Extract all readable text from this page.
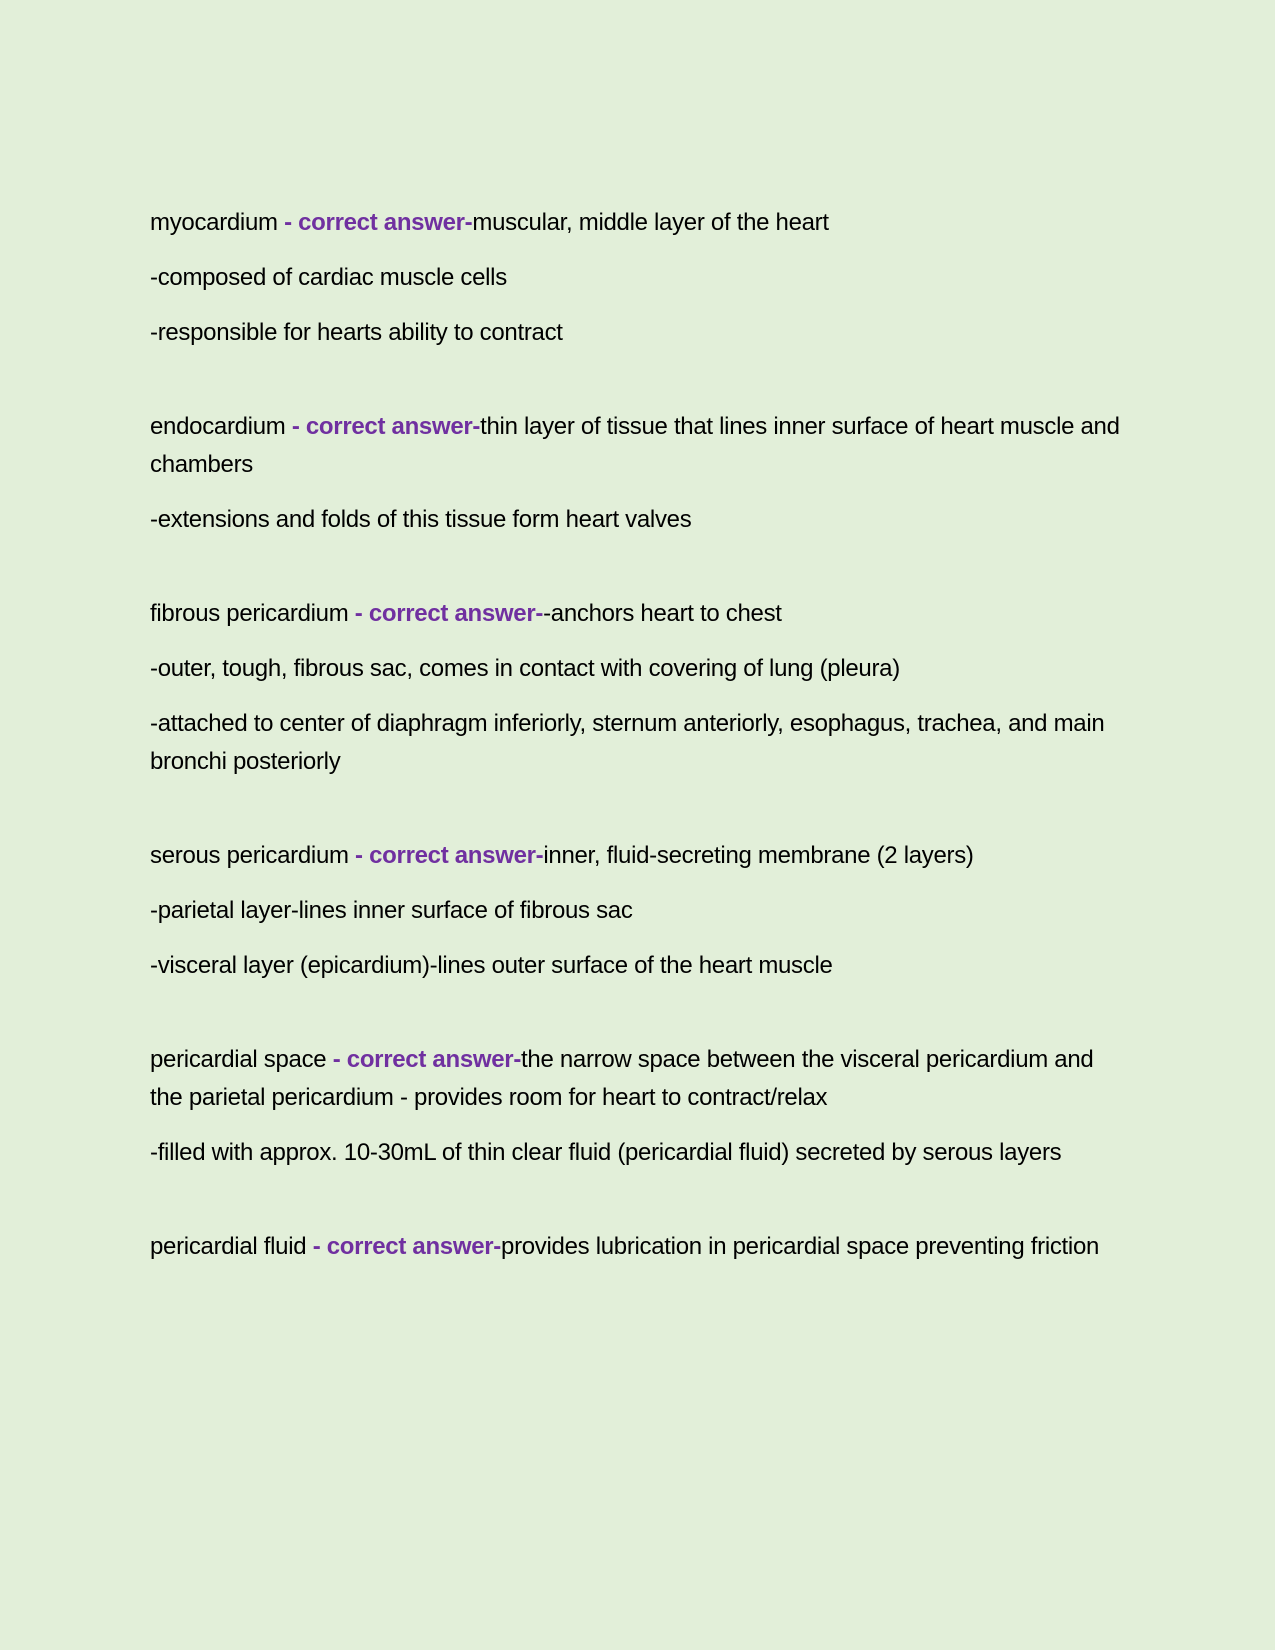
myocardium - correct answer-muscular, middle layer of the heart

-composed of cardiac muscle cells

-responsible for hearts ability to contract

endocardium - correct answer-thin layer of tissue that lines inner surface of heart muscle and chambers

-extensions and folds of this tissue form heart valves

fibrous pericardium - correct answer--anchors heart to chest

-outer, tough, fibrous sac, comes in contact with covering of lung (pleura)

-attached to center of diaphragm inferiorly, sternum anteriorly, esophagus, trachea, and main bronchi posteriorly

serous pericardium - correct answer-inner, fluid-secreting membrane (2 layers)

-parietal layer-lines inner surface of fibrous sac

-visceral layer (epicardium)-lines outer surface of the heart muscle

pericardial space - correct answer-the narrow space between the visceral pericardium and the parietal pericardium - provides room for heart to contract/relax

-filled with approx. 10-30mL of thin clear fluid (pericardial fluid) secreted by serous layers

pericardial fluid - correct answer-provides lubrication in pericardial space preventing friction
